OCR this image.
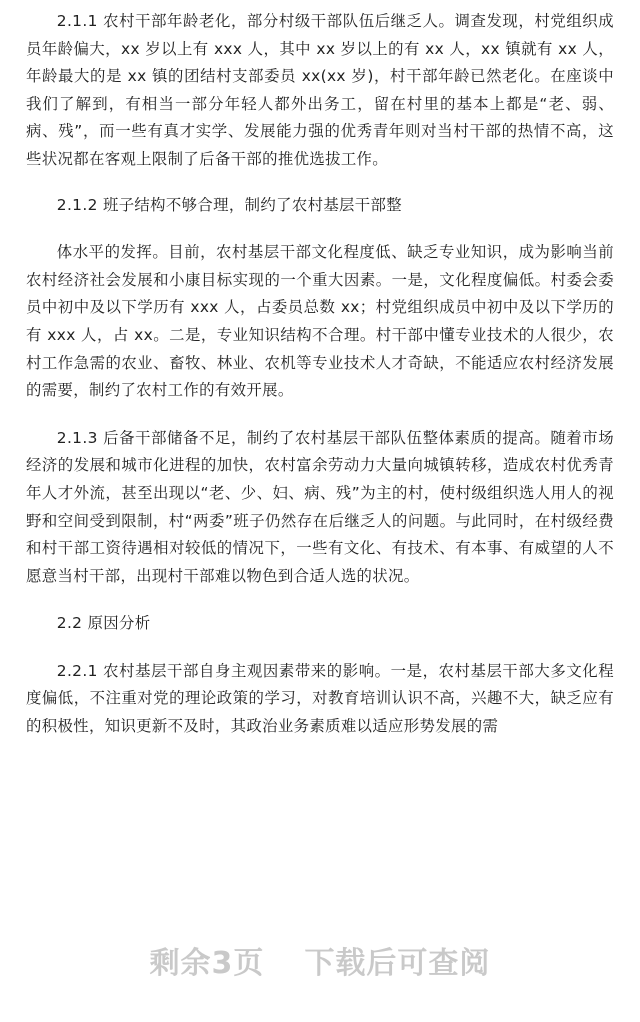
2.1.1 农村干部年龄老化，部分村级干部队伍后继乏人。调查发现，村党组织成员年龄偏大，xx 岁以上有 xxx 人，其中 xx 岁以上的有 xx 人，xx 镇就有 xx 人，年龄最大的是 xx 镇的团结村支部委员 xx(xx 岁)，村干部年龄已然老化。在座谈中我们了解到，有相当一部分年轻人都外出务工，留在村里的基本上都是“老、弱、病、残”，而一些有真才实学、发展能力强的优秀青年则对当村干部的热情不高，这些状况都在客观上限制了后备干部的推优选拔工作。

2.1.2 班子结构不够合理，制约了农村基层干部整

体水平的发挥。目前，农村基层干部文化程度低、缺乏专业知识，成为影响当前农村经济社会发展和小康目标实现的一个重大因素。一是，文化程度偏低。村委会委员中初中及以下学历有 xxx 人，占委员总数 xx；村党组织成员中初中及以下学历的有 xxx 人，占 xx。二是，专业知识结构不合理。村干部中懂专业技术的人很少，农村工作急需的农业、畜牧、林业、农机等专业技术人才奇缺，不能适应农村经济发展的需要，制约了农村工作的有效开展。

2.1.3 后备干部储备不足，制约了农村基层干部队伍整体素质的提高。随着市场经济的发展和城市化进程的加快，农村富余劳动力大量向城镇转移，造成农村优秀青年人才外流，甚至出现以“老、少、妇、病、残”为主的村，使村级组织选人用人的视野和空间受到限制，村“两委”班子仍然存在后继乏人的问题。与此同时，在村级经费和村干部工资待遇相对较低的情况下，一些有文化、有技术、有本事、有威望的人不愿意当村干部，出现村干部难以物色到合适人选的状况。

2.2 原因分析

2.2.1 农村基层干部自身主观因素带来的影响。一是，农村基层干部大多文化程度偏低，不注重对党的理论政策的学习，对教育培训认识不高，兴趣不大，缺乏应有的积极性，知识更新不及时，其政治业务素质难以适应形势发展的需

剩余3页 下载后可查阅
